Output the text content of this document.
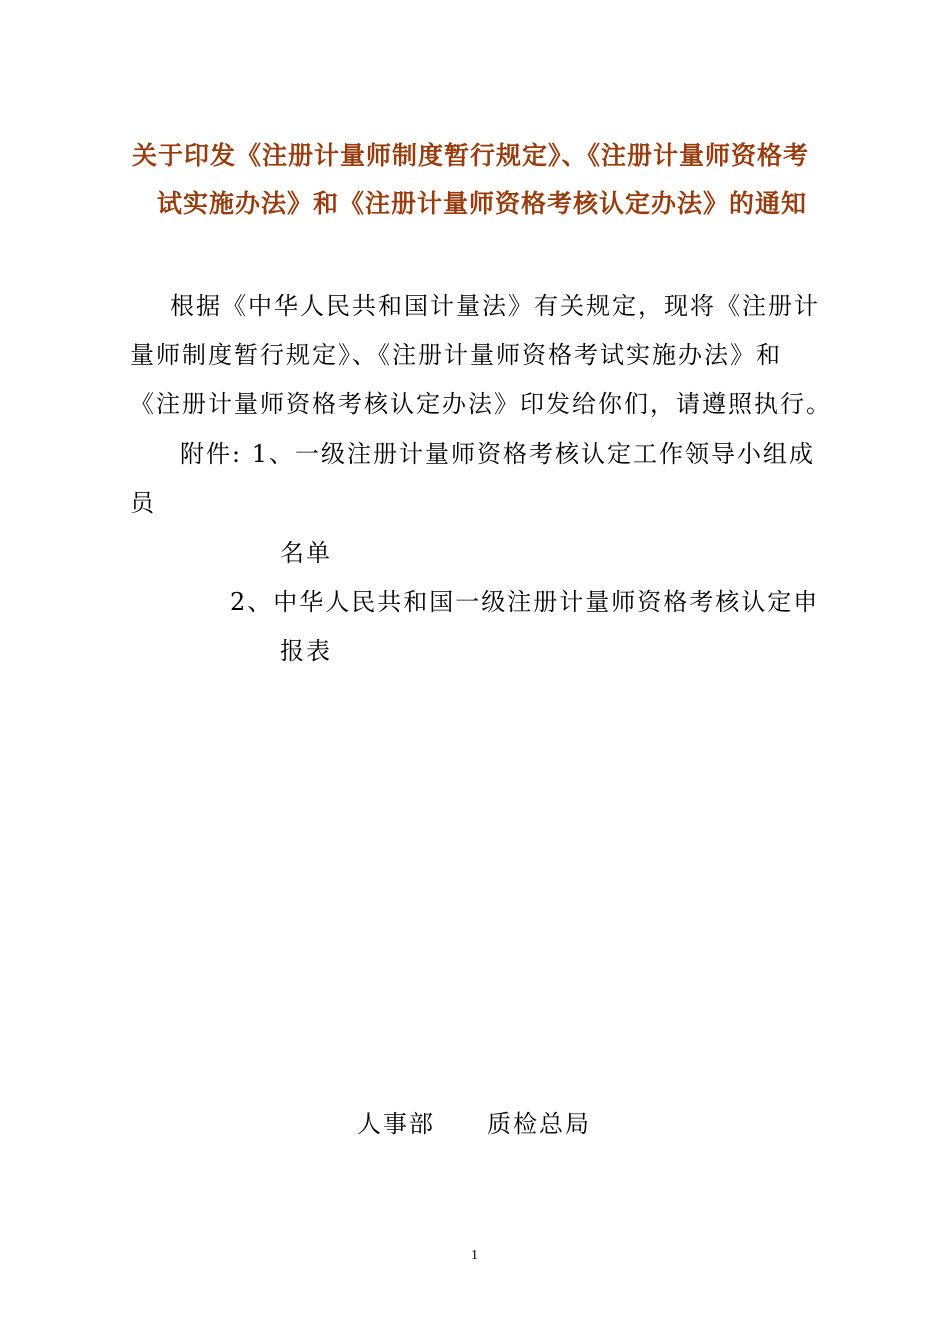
关于印发《注册计量师制度暂行规定》、《注册计量师资格考
试实施办法》和《注册计量师资格考核认定办法》的通知
根据《中华人民共和国计量法》有关规定，现将《注册计
量师制度暂行规定》、《注册计量师资格考试实施办法》和
《注册计量师资格考核认定办法》印发给你们，请遵照执行。
附件: 1、一级注册计量师资格考核认定工作领导小组成
员
名单
2、中华人民共和国一级注册计量师资格考核认定申
报表
人事部　　质检总局
1
